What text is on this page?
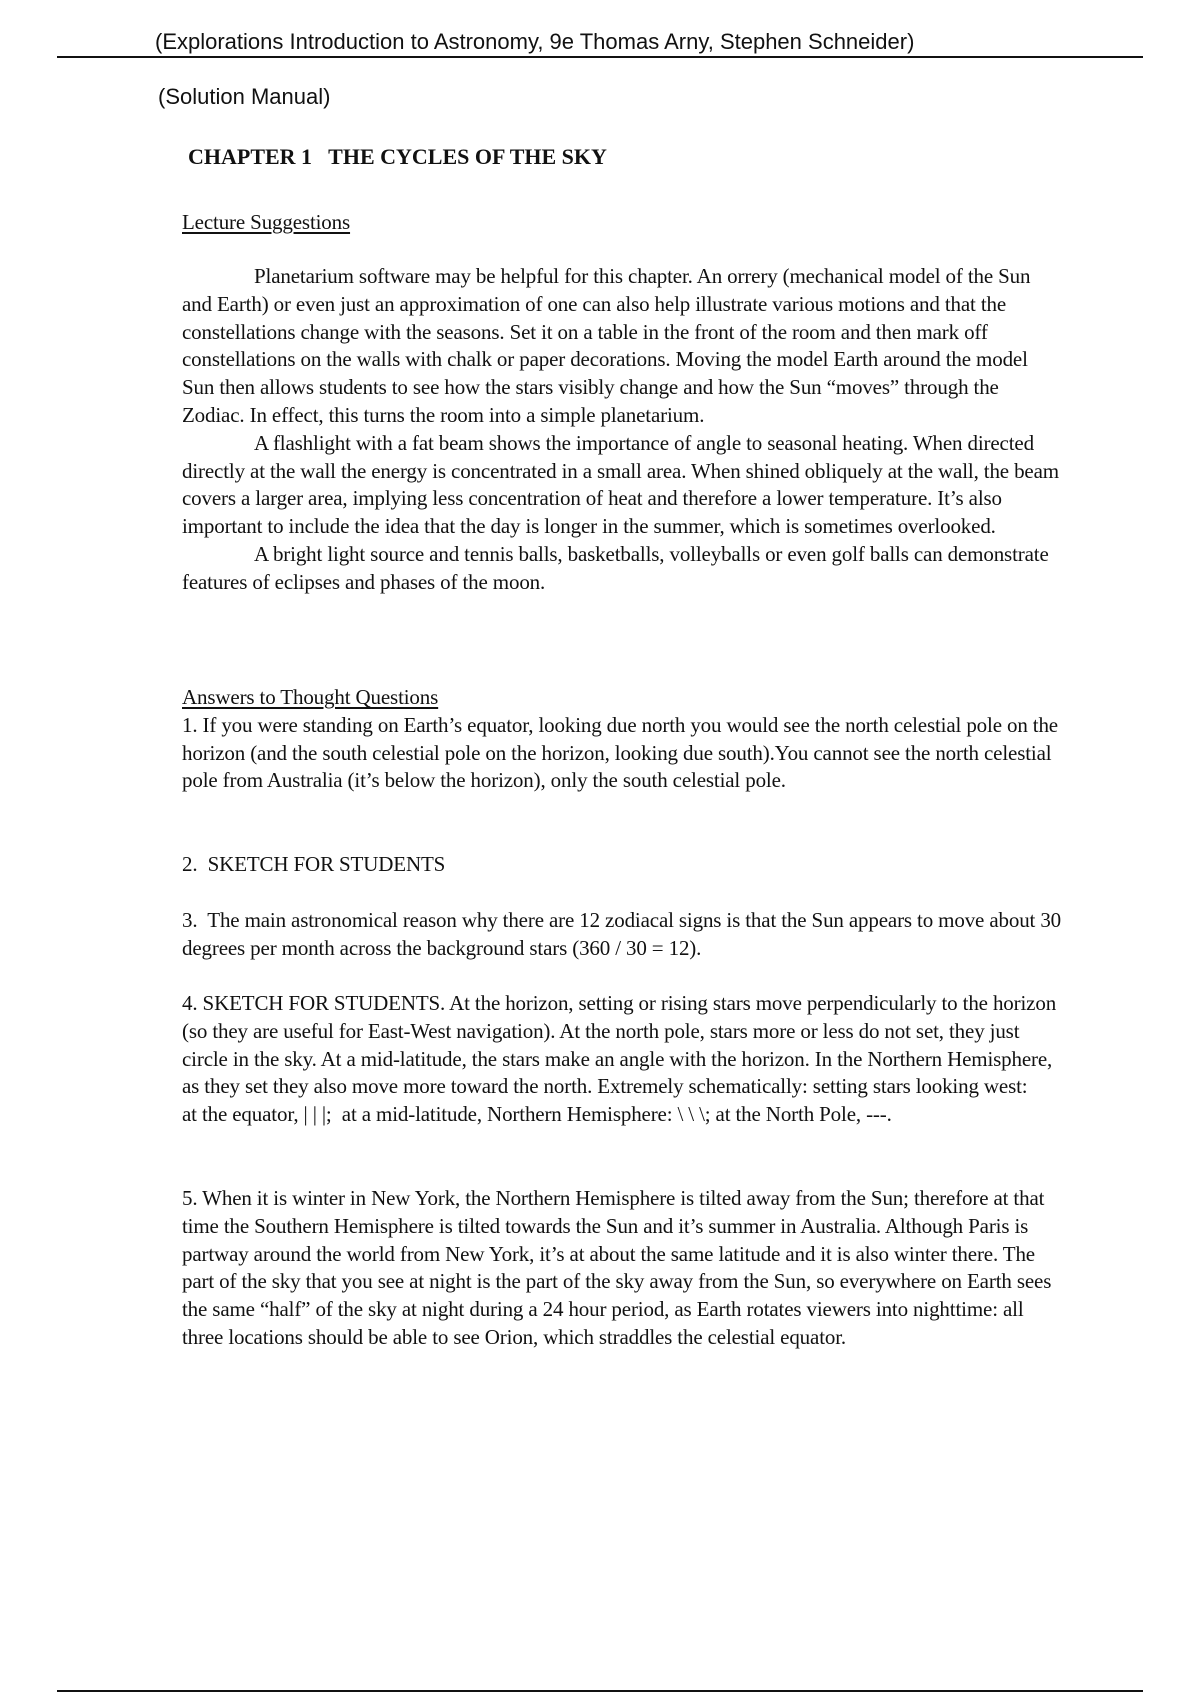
(Explorations Introduction to Astronomy, 9e Thomas Arny, Stephen Schneider)
(Solution Manual)
CHAPTER 1   THE CYCLES OF THE SKY

Lecture Suggestions

Planetarium software may be helpful for this chapter. An orrery (mechanical model of the Sun and Earth) or even just an approximation of one can also help illustrate various motions and that the constellations change with the seasons. Set it on a table in the front of the room and then mark off constellations on the walls with chalk or paper decorations. Moving the model Earth around the model Sun then allows students to see how the stars visibly change and how the Sun “moves” through the Zodiac. In effect, this turns the room into a simple planetarium.

A flashlight with a fat beam shows the importance of angle to seasonal heating. When directed directly at the wall the energy is concentrated in a small area. When shined obliquely at the wall, the beam covers a larger area, implying less concentration of heat and therefore a lower temperature. It’s also important to include the idea that the day is longer in the summer, which is sometimes overlooked.

A bright light source and tennis balls, basketballs, volleyballs or even golf balls can demonstrate features of eclipses and phases of the moon.

Answers to Thought Questions

1. If you were standing on Earth’s equator, looking due north you would see the north celestial pole on the horizon (and the south celestial pole on the horizon, looking due south).You cannot see the north celestial pole from Australia (it’s below the horizon), only the south celestial pole.

2.  SKETCH FOR STUDENTS

3.  The main astronomical reason why there are 12 zodiacal signs is that the Sun appears to move about 30 degrees per month across the background stars (360 / 30 = 12).

4. SKETCH FOR STUDENTS. At the horizon, setting or rising stars move perpendicularly to the horizon (so they are useful for East-West navigation). At the north pole, stars more or less do not set, they just circle in the sky. At a mid-latitude, the stars make an angle with the horizon. In the Northern Hemisphere, as they set they also move more toward the north. Extremely schematically: setting stars looking west:

at the equator, | | |;  at a mid-latitude, Northern Hemisphere: \ \ \; at the North Pole, ---.

5. When it is winter in New York, the Northern Hemisphere is tilted away from the Sun; therefore at that time the Southern Hemisphere is tilted towards the Sun and it’s summer in Australia. Although Paris is partway around the world from New York, it’s at about the same latitude and it is also winter there. The part of the sky that you see at night is the part of the sky away from the Sun, so everywhere on Earth sees the same “half” of the sky at night during a 24 hour period, as Earth rotates viewers into nighttime: all three locations should be able to see Orion, which straddles the celestial equator.
